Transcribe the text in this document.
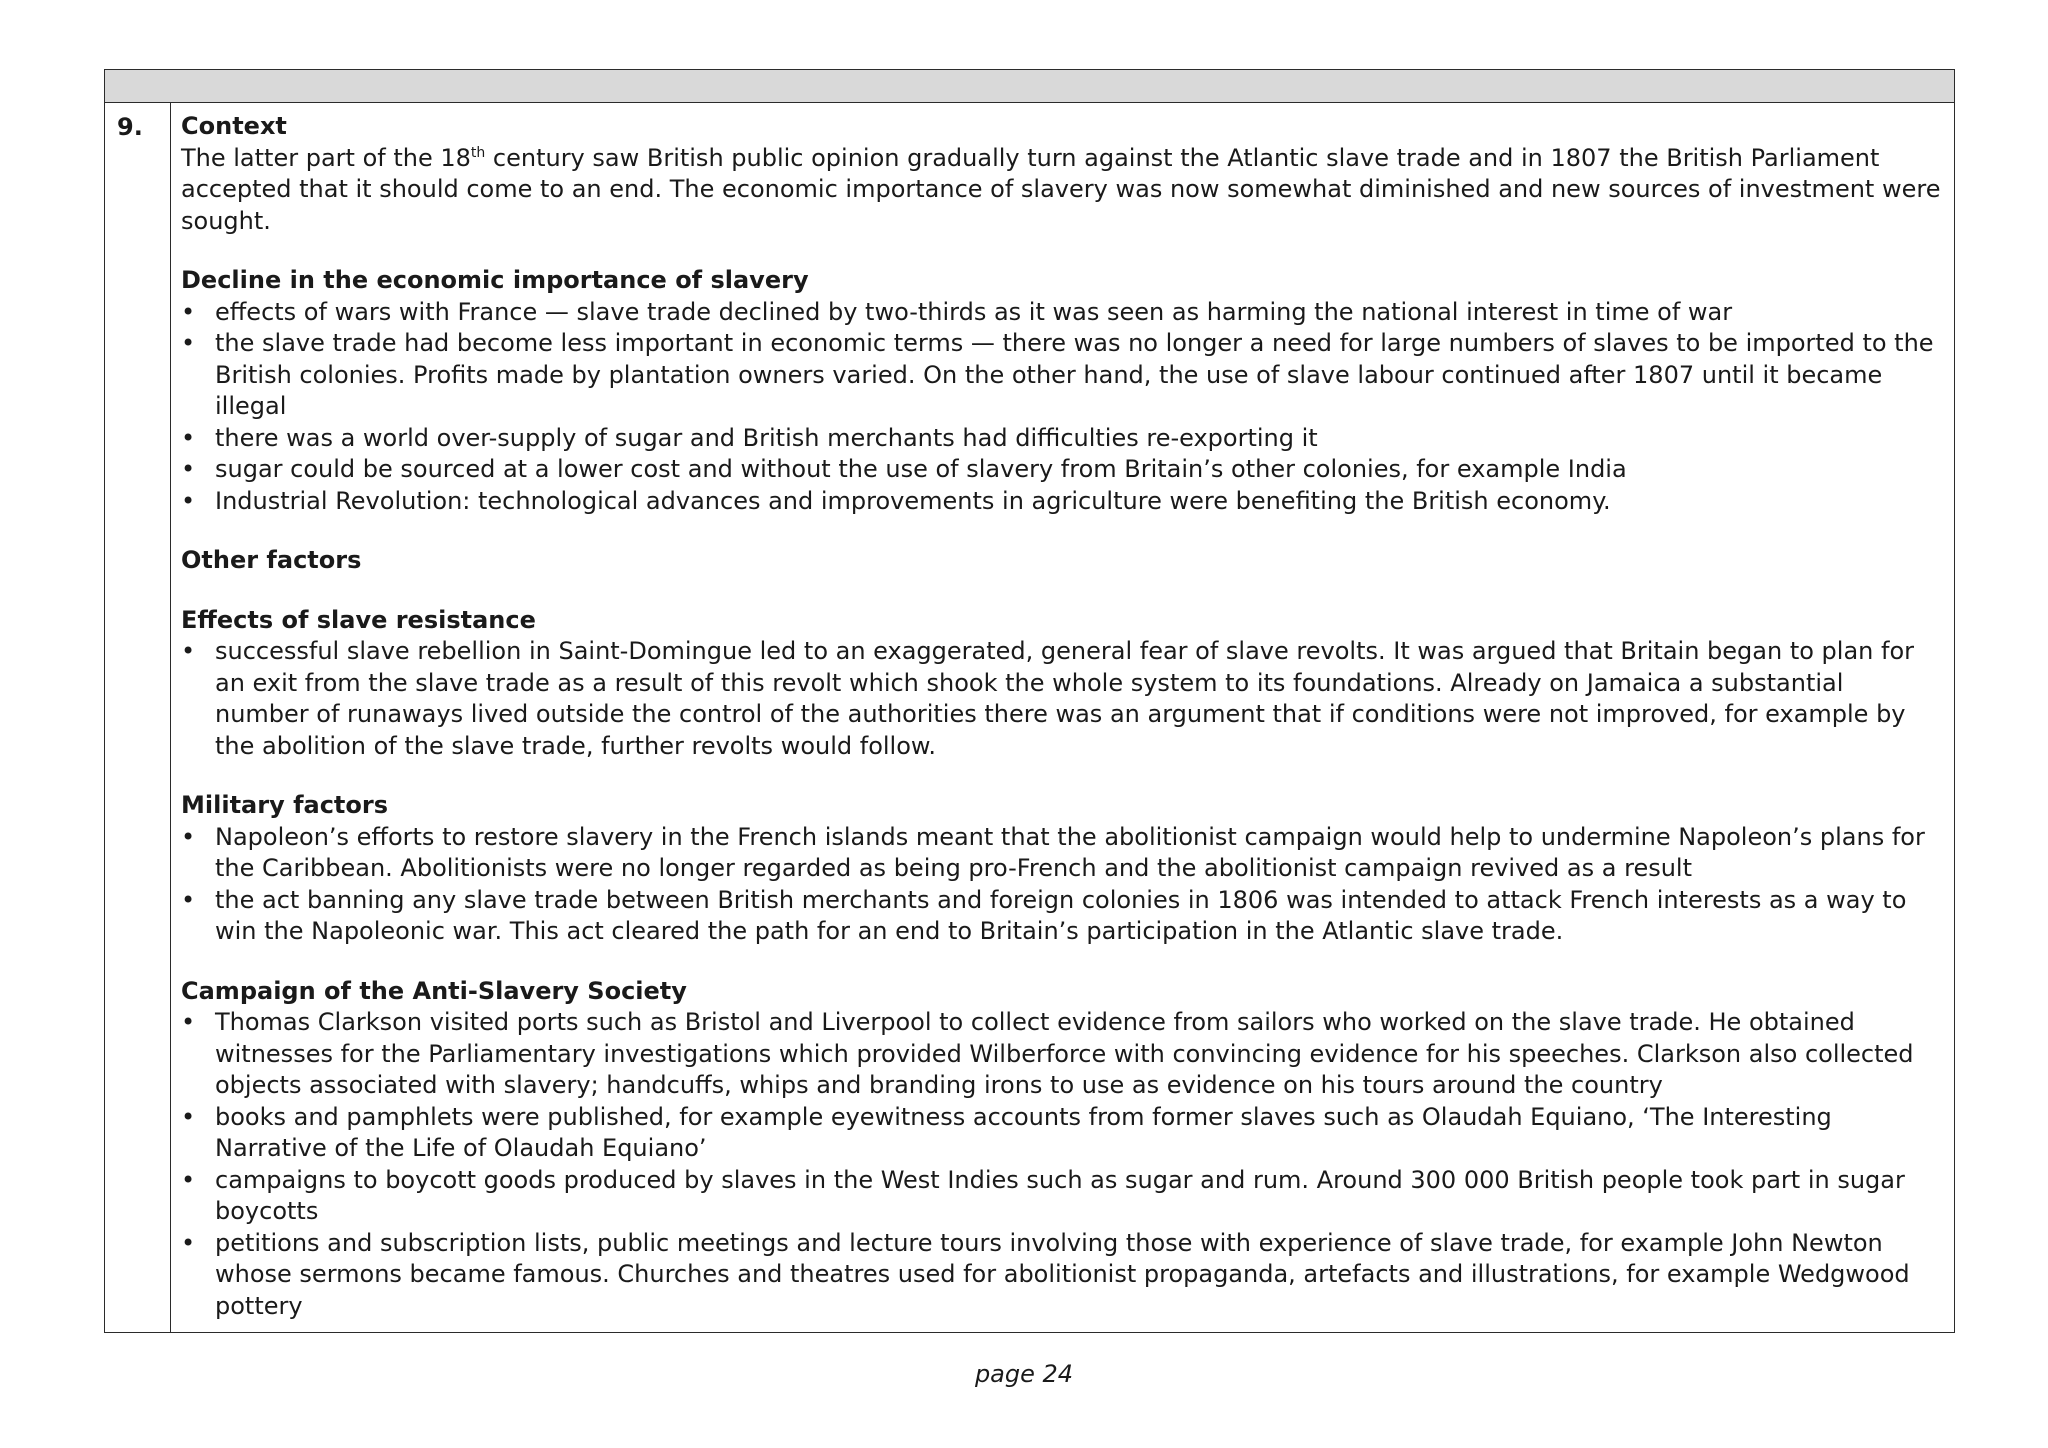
9.	Context

The latter part of the 18th century saw British public opinion gradually turn against the Atlantic slave trade and in 1807 the British Parliament accepted that it should come to an end. The economic importance of slavery was now somewhat diminished and new sources of investment were sought.

Decline in the economic importance of slavery
• effects of wars with France — slave trade declined by two-thirds as it was seen as harming the national interest in time of war
• the slave trade had become less important in economic terms — there was no longer a need for large numbers of slaves to be imported to the British colonies. Profits made by plantation owners varied. On the other hand, the use of slave labour continued after 1807 until it became illegal
• there was a world over-supply of sugar and British merchants had difficulties re-exporting it
• sugar could be sourced at a lower cost and without the use of slavery from Britain’s other colonies, for example India
• Industrial Revolution: technological advances and improvements in agriculture were benefiting the British economy.
Other factors
Effects of slave resistance
• successful slave rebellion in Saint-Domingue led to an exaggerated, general fear of slave revolts. It was argued that Britain began to plan for an exit from the slave trade as a result of this revolt which shook the whole system to its foundations. Already on Jamaica a substantial number of runaways lived outside the control of the authorities there was an argument that if conditions were not improved, for example by the abolition of the slave trade, further revolts would follow.
Military factors
• Napoleon’s efforts to restore slavery in the French islands meant that the abolitionist campaign would help to undermine Napoleon’s plans for the Caribbean. Abolitionists were no longer regarded as being pro-French and the abolitionist campaign revived as a result
• the act banning any slave trade between British merchants and foreign colonies in 1806 was intended to attack French interests as a way to win the Napoleonic war. This act cleared the path for an end to Britain’s participation in the Atlantic slave trade.
Campaign of the Anti-Slavery Society
• Thomas Clarkson visited ports such as Bristol and Liverpool to collect evidence from sailors who worked on the slave trade. He obtained witnesses for the Parliamentary investigations which provided Wilberforce with convincing evidence for his speeches. Clarkson also collected objects associated with slavery; handcuffs, whips and branding irons to use as evidence on his tours around the country
• books and pamphlets were published, for example eyewitness accounts from former slaves such as Olaudah Equiano, ‘The Interesting Narrative of the Life of Olaudah Equiano’
• campaigns to boycott goods produced by slaves in the West Indies such as sugar and rum. Around 300 000 British people took part in sugar boycotts
• petitions and subscription lists, public meetings and lecture tours involving those with experience of slave trade, for example John Newton whose sermons became famous. Churches and theatres used for abolitionist propaganda, artefacts and illustrations, for example Wedgwood pottery
page 24
